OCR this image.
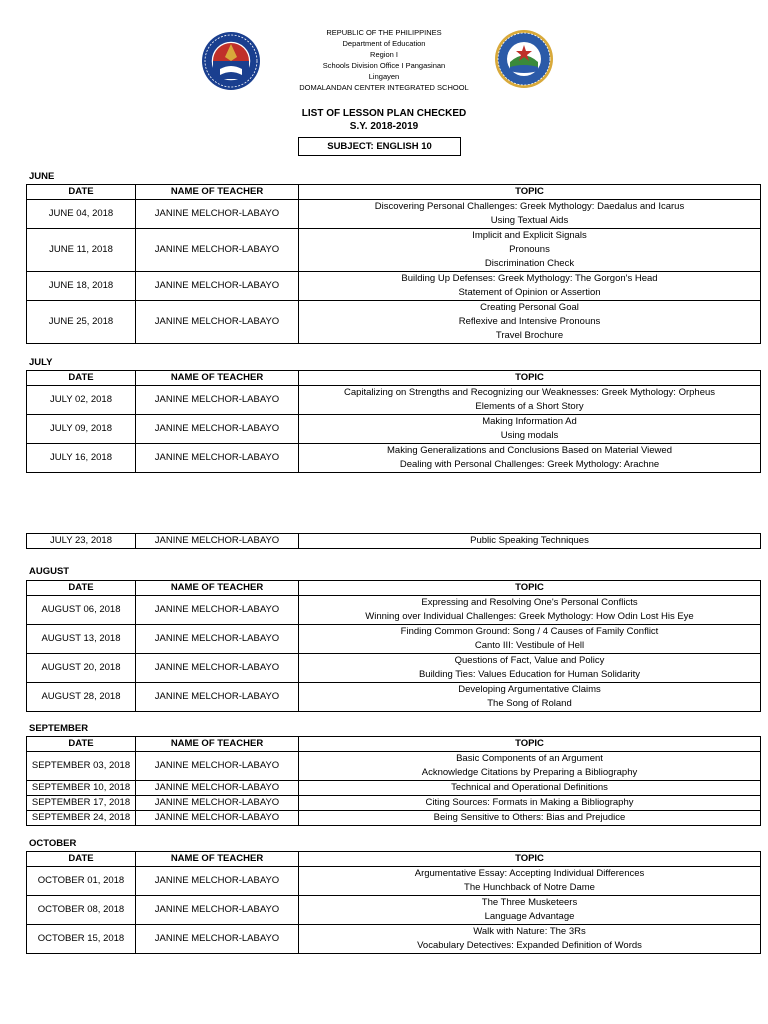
REPUBLIC OF THE PHILIPPINES
Department of Education
Region I
Schools Division Office I Pangasinan
Lingayen
DOMALANDAN CENTER INTEGRATED SCHOOL
LIST OF LESSON PLAN CHECKED
S.Y. 2018-2019
SUBJECT: ENGLISH 10
JUNE
DATE	NAME OF TEACHER	TOPIC
JUNE 04, 2018	JANINE MELCHOR-LABAYO	Discovering Personal Challenges: Greek Mythology: Daedalus and Icarus
Using Textual Aids

JUNE 11, 2018	JANINE MELCHOR-LABAYO	Implicit and Explicit Signals
Pronouns
Discrimination Check

JUNE 18, 2018	JANINE MELCHOR-LABAYO	Building Up Defenses: Greek Mythology: The Gorgon's Head
Statement of Opinion or Assertion

JUNE 25, 2018	JANINE MELCHOR-LABAYO	Creating Personal Goal
Reflexive and Intensive Pronouns
Travel Brochure
JULY
DATE	NAME OF TEACHER	TOPIC
JULY 02, 2018	JANINE MELCHOR-LABAYO	Capitalizing on Strengths and Recognizing our Weaknesses: Greek Mythology: Orpheus
Elements of a Short Story

JULY 09, 2018	JANINE MELCHOR-LABAYO	Making Information Ad
Using modals

JULY 16, 2018	JANINE MELCHOR-LABAYO	Making Generalizations and Conclusions Based on Material Viewed
Dealing with Personal Challenges: Greek Mythology: Arachne
JULY 23, 2018	JANINE MELCHOR-LABAYO	Public Speaking Techniques
AUGUST
DATE	NAME OF TEACHER	TOPIC
AUGUST 06, 2018	JANINE MELCHOR-LABAYO	Expressing and Resolving One's Personal Conflicts
Winning over Individual Challenges: Greek Mythology: How Odin Lost His Eye

AUGUST 13, 2018	JANINE MELCHOR-LABAYO	Finding Common Ground: Song / 4 Causes of Family Conflict
Canto III: Vestibule of Hell

AUGUST 20, 2018	JANINE MELCHOR-LABAYO	Questions of Fact, Value and Policy
Building Ties: Values Education for Human Solidarity

AUGUST 28, 2018	JANINE MELCHOR-LABAYO	Developing Argumentative Claims
The Song of Roland
SEPTEMBER
DATE	NAME OF TEACHER	TOPIC
SEPTEMBER 03, 2018	JANINE MELCHOR-LABAYO	Basic Components of an Argument
Acknowledge Citations by Preparing a Bibliography

SEPTEMBER 10, 2018	JANINE MELCHOR-LABAYO	Technical and Operational Definitions

SEPTEMBER 17, 2018	JANINE MELCHOR-LABAYO	Citing Sources: Formats in Making a Bibliography

SEPTEMBER 24, 2018	JANINE MELCHOR-LABAYO	Being Sensitive to Others: Bias and Prejudice
OCTOBER
DATE	NAME OF TEACHER	TOPIC
OCTOBER 01, 2018	JANINE MELCHOR-LABAYO	Argumentative Essay: Accepting Individual Differences
The Hunchback of Notre Dame

OCTOBER 08, 2018	JANINE MELCHOR-LABAYO	The Three Musketeers
Language Advantage

OCTOBER 15, 2018	JANINE MELCHOR-LABAYO	Walk with Nature: The 3Rs
Vocabulary Detectives: Expanded Definition of Words
